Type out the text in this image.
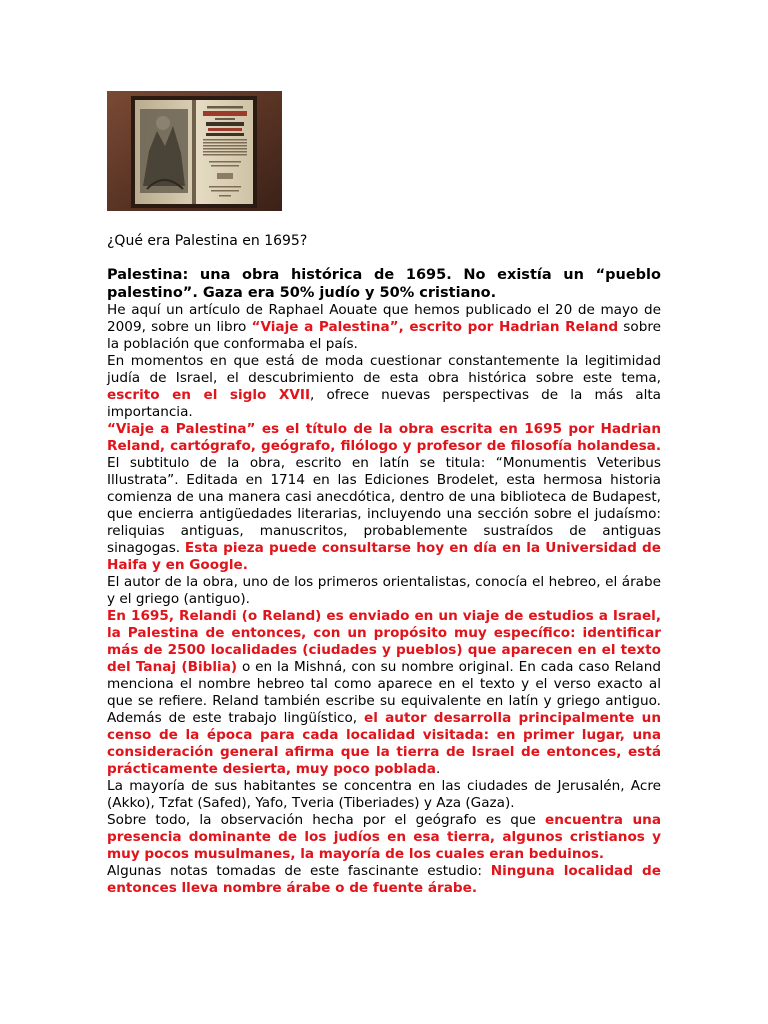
¿Qué era Palestina en 1695?

Palestina: una obra histórica de 1695. No existía un “pueblo palestino”. Gaza era 50% judío y 50% cristiano.

He aquí un artículo de Raphael Aouate que hemos publicado el 20 de mayo de 2009, sobre un libro “Viaje a Palestina”, escrito por Hadrian Reland sobre la población que conformaba el país.

En momentos en que está de moda cuestionar constantemente la legitimidad judía de Israel, el descubrimiento de esta obra histórica sobre este tema, escrito en el siglo XVII, ofrece nuevas perspectivas de la más alta importancia.

“Viaje a Palestina” es el título de la obra escrita en 1695 por Hadrian Reland, cartógrafo, geógrafo, filólogo y profesor de filosofía holandesa. El subtitulo de la obra, escrito en latín se titula: “Monumentis Veteribus Illustrata”. Editada en 1714 en las Ediciones Brodelet, esta hermosa historia comienza de una manera casi anecdótica, dentro de una biblioteca de Budapest, que encierra antigüedades literarias, incluyendo una sección sobre el judaísmo: reliquias antiguas, manuscritos, probablemente sustraídos de antiguas sinagogas. Esta pieza puede consultarse hoy en día en la Universidad de Haifa y en Google.

El autor de la obra, uno de los primeros orientalistas, conocía el hebreo, el árabe y el griego (antiguo).

En 1695, Relandi (o Reland) es enviado en un viaje de estudios a Israel, la Palestina de entonces, con un propósito muy específico: identificar más de 2500 localidades (ciudades y pueblos) que aparecen en el texto del Tanaj (Biblia) o en la Mishná, con su nombre original. En cada caso Reland menciona el nombre hebreo tal como aparece en el texto y el verso exacto al que se refiere. Reland también escribe su equivalente en latín y griego antiguo. Además de este trabajo lingüístico, el autor desarrolla principalmente un censo de la época para cada localidad visitada: en primer lugar, una consideración general afirma que la tierra de Israel de entonces, está prácticamente desierta, muy poco poblada.

La mayoría de sus habitantes se concentra en las ciudades de Jerusalén, Acre (Akko), Tzfat (Safed), Yafo, Tveria (Tiberiades) y Aza (Gaza).

Sobre todo, la observación hecha por el geógrafo es que encuentra una presencia dominante de los judíos en esa tierra, algunos cristianos y muy pocos musulmanes, la mayoría de los cuales eran beduinos.

Algunas notas tomadas de este fascinante estudio: Ninguna localidad de entonces lleva nombre árabe o de fuente árabe.
